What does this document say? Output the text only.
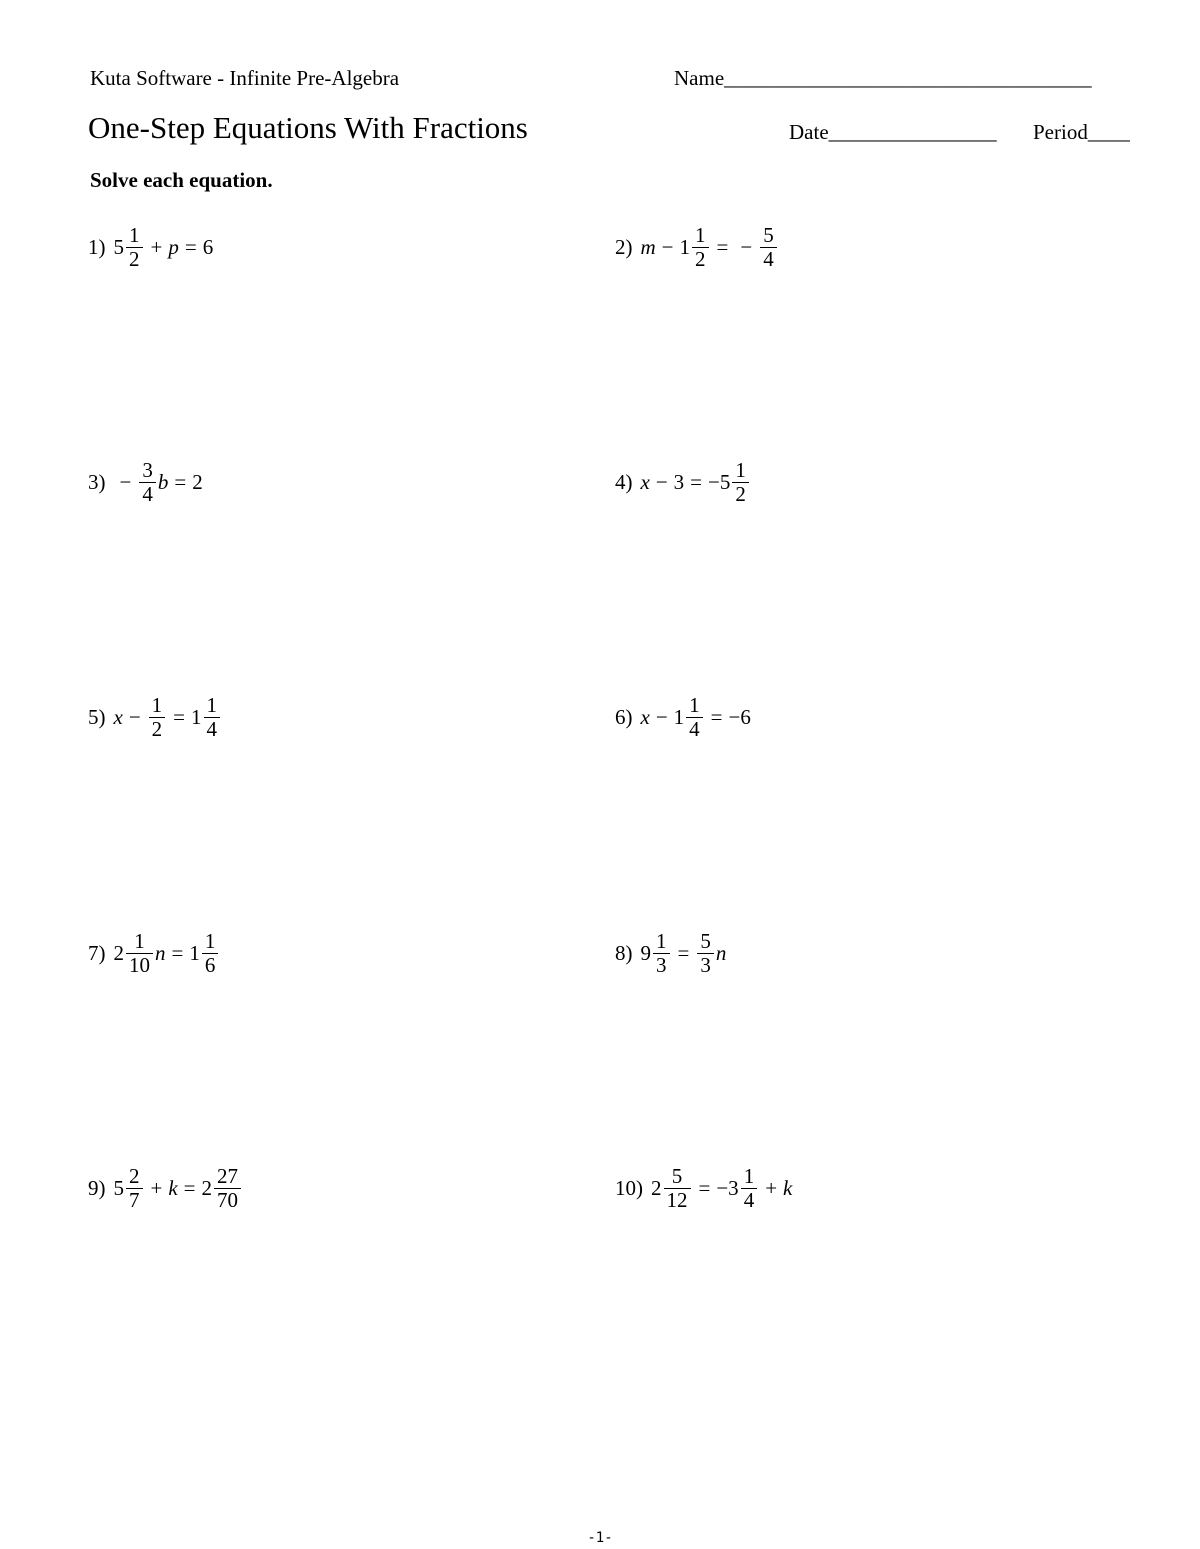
Kuta Software - Infinite Pre-Algebra	Name___________________________________
One-Step Equations With Fractions	Date________________ Period____
Solve each equation.
1) $5 \frac{1}{2} + p = 6$	2) $m - 1 \frac{1}{2}$ = − $\frac{5}{4}$
$3) - \frac{3}{4}$ b = 2	4) $x - 3 = -5 \frac{1}{2}$
5) $x - \frac{1}{2} = 1 \frac{1}{4}$	6) $x - 1 \frac{1}{4} = -6$
7) $2 \frac{1}{10}$ $n = 1 \frac{1}{6}$	8) $9 \frac{1}{3} = \frac{5}{3}$ n
9) $5 \frac{2}{7} + k = 2 \frac{27}{70}$	10) $2 \frac{5}{12} = -3 \frac{1}{4} + k$
-1-
